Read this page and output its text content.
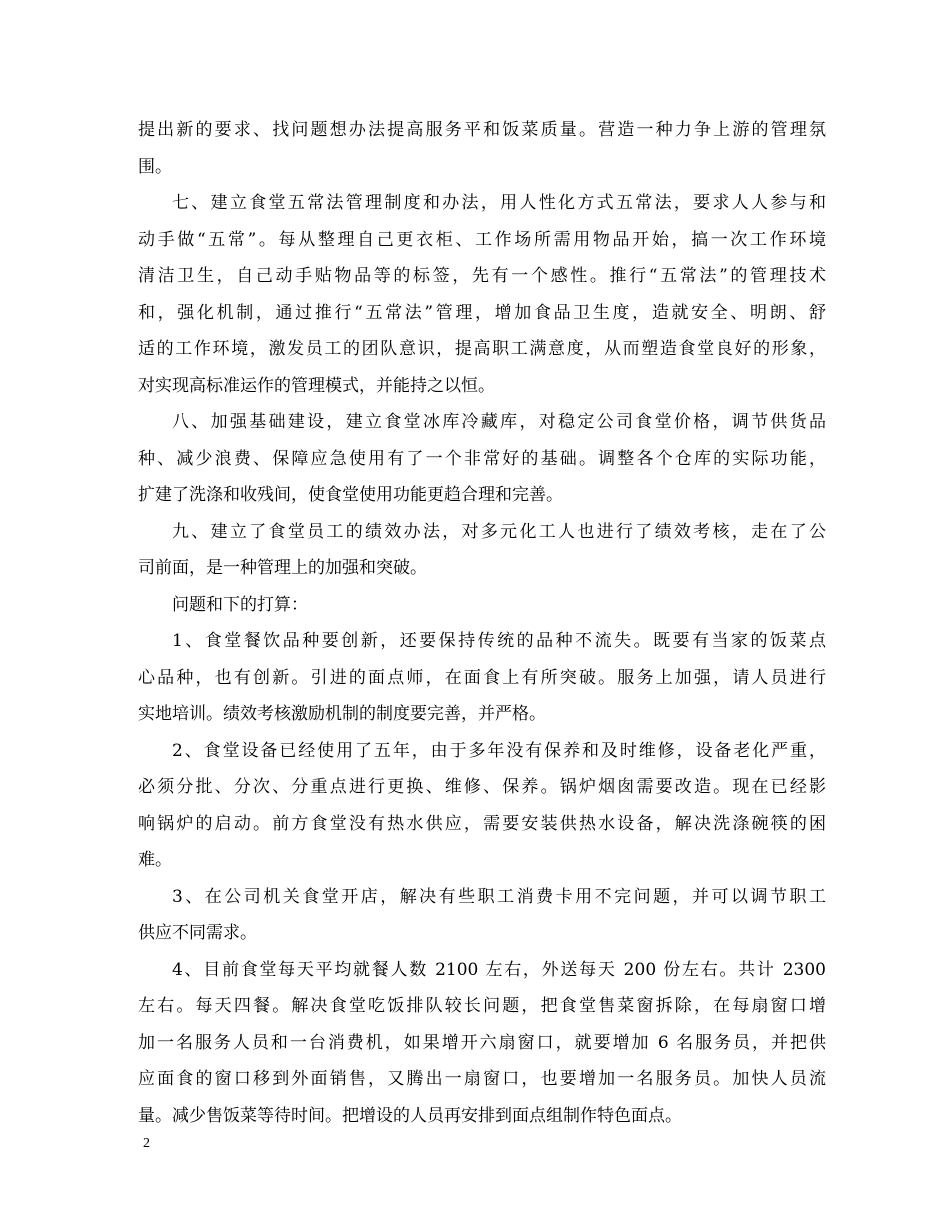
提出新的要求、找问题想办法提高服务平和饭菜质量。营造一种力争上游的管理氛
围。
七、建立食堂五常法管理制度和办法，用人性化方式五常法，要求人人参与和
动手做“五常”。每从整理自己更衣柜、工作场所需用物品开始，搞一次工作环境
清洁卫生，自己动手贴物品等的标签，先有一个感性。推行“五常法”的管理技术
和，强化机制，通过推行“五常法”管理，增加食品卫生度，造就安全、明朗、舒
适的工作环境，激发员工的团队意识，提高职工满意度，从而塑造食堂良好的形象，
对实现高标准运作的管理模式，并能持之以恒。
八、加强基础建设，建立食堂冰库冷藏库，对稳定公司食堂价格，调节供货品
种、减少浪费、保障应急使用有了一个非常好的基础。调整各个仓库的实际功能，
扩建了洗涤和收残间，使食堂使用功能更趋合理和完善。
九、建立了食堂员工的绩效办法，对多元化工人也进行了绩效考核，走在了公
司前面，是一种管理上的加强和突破。
问题和下的打算：
1、食堂餐饮品种要创新，还要保持传统的品种不流失。既要有当家的饭菜点
心品种，也有创新。引进的面点师，在面食上有所突破。服务上加强，请人员进行
实地培训。绩效考核激励机制的制度要完善，并严格。
2、食堂设备已经使用了五年，由于多年没有保养和及时维修，设备老化严重，
必须分批、分次、分重点进行更换、维修、保养。锅炉烟囱需要改造。现在已经影
响锅炉的启动。前方食堂没有热水供应，需要安装供热水设备，解决洗涤碗筷的困
难。
3、在公司机关食堂开店，解决有些职工消费卡用不完问题，并可以调节职工
供应不同需求。
4、目前食堂每天平均就餐人数 2100 左右，外送每天 200 份左右。共计 2300
左右。每天四餐。解决食堂吃饭排队较长问题，把食堂售菜窗拆除，在每扇窗口增
加一名服务人员和一台消费机，如果增开六扇窗口，就要增加 6 名服务员，并把供
应面食的窗口移到外面销售，又腾出一扇窗口，也要增加一名服务员。加快人员流
量。减少售饭菜等待时间。把增设的人员再安排到面点组制作特色面点。
2
